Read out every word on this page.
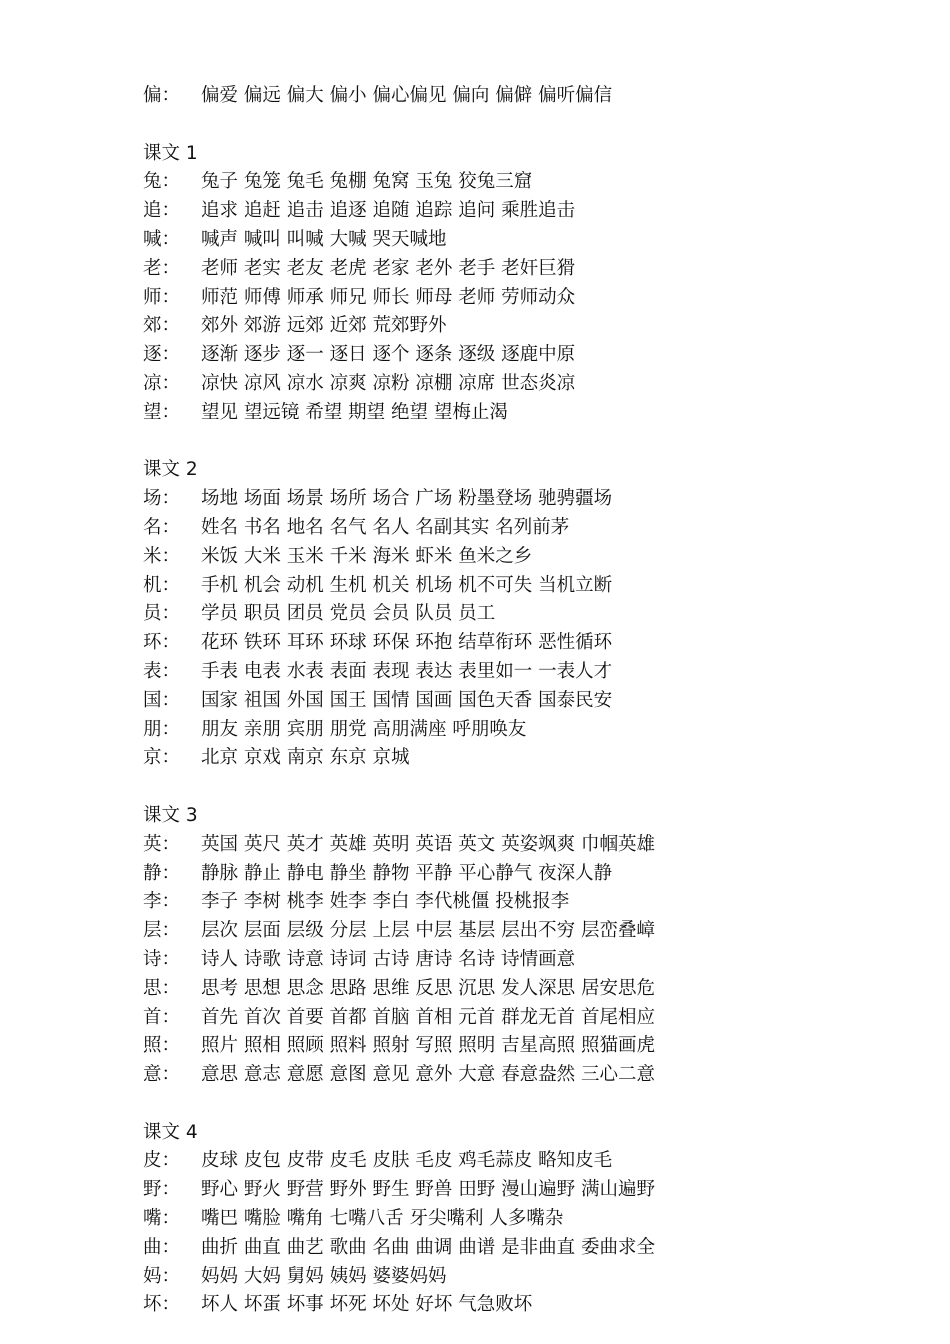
偏： 偏爱 偏远 偏大 偏小 偏心偏见 偏向 偏僻 偏听偏信
课文 1
兔： 兔子 兔笼 兔毛 兔棚 兔窝 玉兔 狡兔三窟
追： 追求 追赶 追击 追逐 追随 追踪 追问 乘胜追击
喊： 喊声 喊叫 叫喊 大喊 哭天喊地
老： 老师 老实 老友 老虎 老家 老外 老手 老奸巨猾
师： 师范 师傅 师承 师兄 师长 师母 老师 劳师动众
郊： 郊外 郊游 远郊 近郊 荒郊野外
逐： 逐渐 逐步 逐一 逐日 逐个 逐条 逐级 逐鹿中原
凉： 凉快 凉风 凉水 凉爽 凉粉 凉棚 凉席 世态炎凉
望： 望见 望远镜 希望 期望 绝望 望梅止渴
课文 2
场： 场地 场面 场景 场所 场合 广场 粉墨登场 驰骋疆场
名： 姓名 书名 地名 名气 名人 名副其实 名列前茅
米： 米饭 大米 玉米 千米 海米 虾米 鱼米之乡
机： 手机 机会 动机 生机 机关 机场 机不可失 当机立断
员： 学员 职员 团员 党员 会员 队员 员工
环： 花环 铁环 耳环 环球 环保 环抱 结草衔环 恶性循环
表： 手表 电表 水表 表面 表现 表达 表里如一 一表人才
国： 国家 祖国 外国 国王 国情 国画 国色天香 国泰民安
朋： 朋友 亲朋 宾朋 朋党 高朋满座 呼朋唤友
京： 北京 京戏 南京 东京 京城
课文 3
英： 英国 英尺 英才 英雄 英明 英语 英文 英姿飒爽 巾帼英雄
静： 静脉 静止 静电 静坐 静物 平静 平心静气 夜深人静
李： 李子 李树 桃李 姓李 李白 李代桃僵 投桃报李
层： 层次 层面 层级 分层 上层 中层 基层 层出不穷 层峦叠嶂
诗： 诗人 诗歌 诗意 诗词 古诗 唐诗 名诗 诗情画意
思： 思考 思想 思念 思路 思维 反思 沉思 发人深思 居安思危
首： 首先 首次 首要 首都 首脑 首相 元首 群龙无首 首尾相应
照： 照片 照相 照顾 照料 照射 写照 照明 吉星高照 照猫画虎
意： 意思 意志 意愿 意图 意见 意外 大意 春意盎然 三心二意
课文 4
皮： 皮球 皮包 皮带 皮毛 皮肤 毛皮 鸡毛蒜皮 略知皮毛
野： 野心 野火 野营 野外 野生 野兽 田野 漫山遍野 满山遍野
嘴： 嘴巴 嘴脸 嘴角 七嘴八舌 牙尖嘴利 人多嘴杂
曲： 曲折 曲直 曲艺 歌曲 名曲 曲调 曲谱 是非曲直 委曲求全
妈： 妈妈 大妈 舅妈 姨妈 婆婆妈妈
坏： 坏人 坏蛋 坏事 坏死 坏处 好坏 气急败坏
